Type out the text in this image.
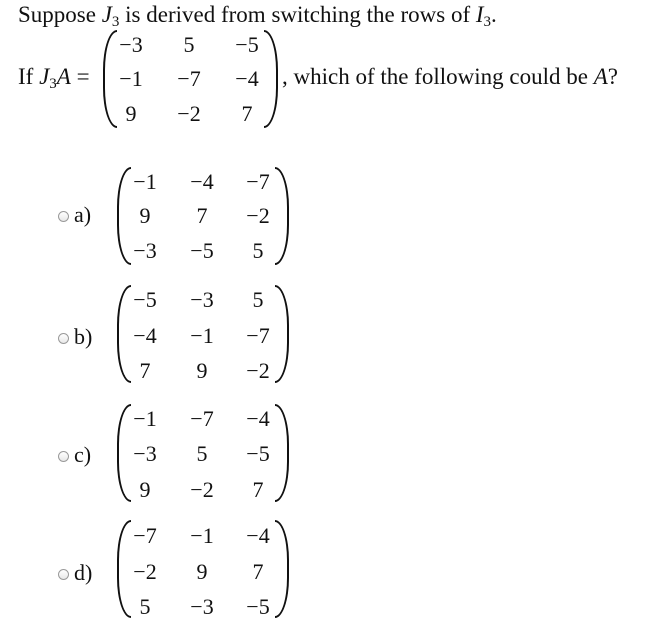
Suppose $J_3$ is derived from switching the rows of $I_3$.
If $J_3A$ =
−3	5	−5
−1	−7	−4
9	−2	7
, which of the following could be A?
a)
−1	−4	−7
9	7	−2
−3	−5	5
b)
−5	−3	5
−4	−1	−7
7	9	−2
c)
−1	−7	−4
−3	5	−5
9	−2	7
d)
−7	−1	−4
−2	9	7
5	−3	−5
